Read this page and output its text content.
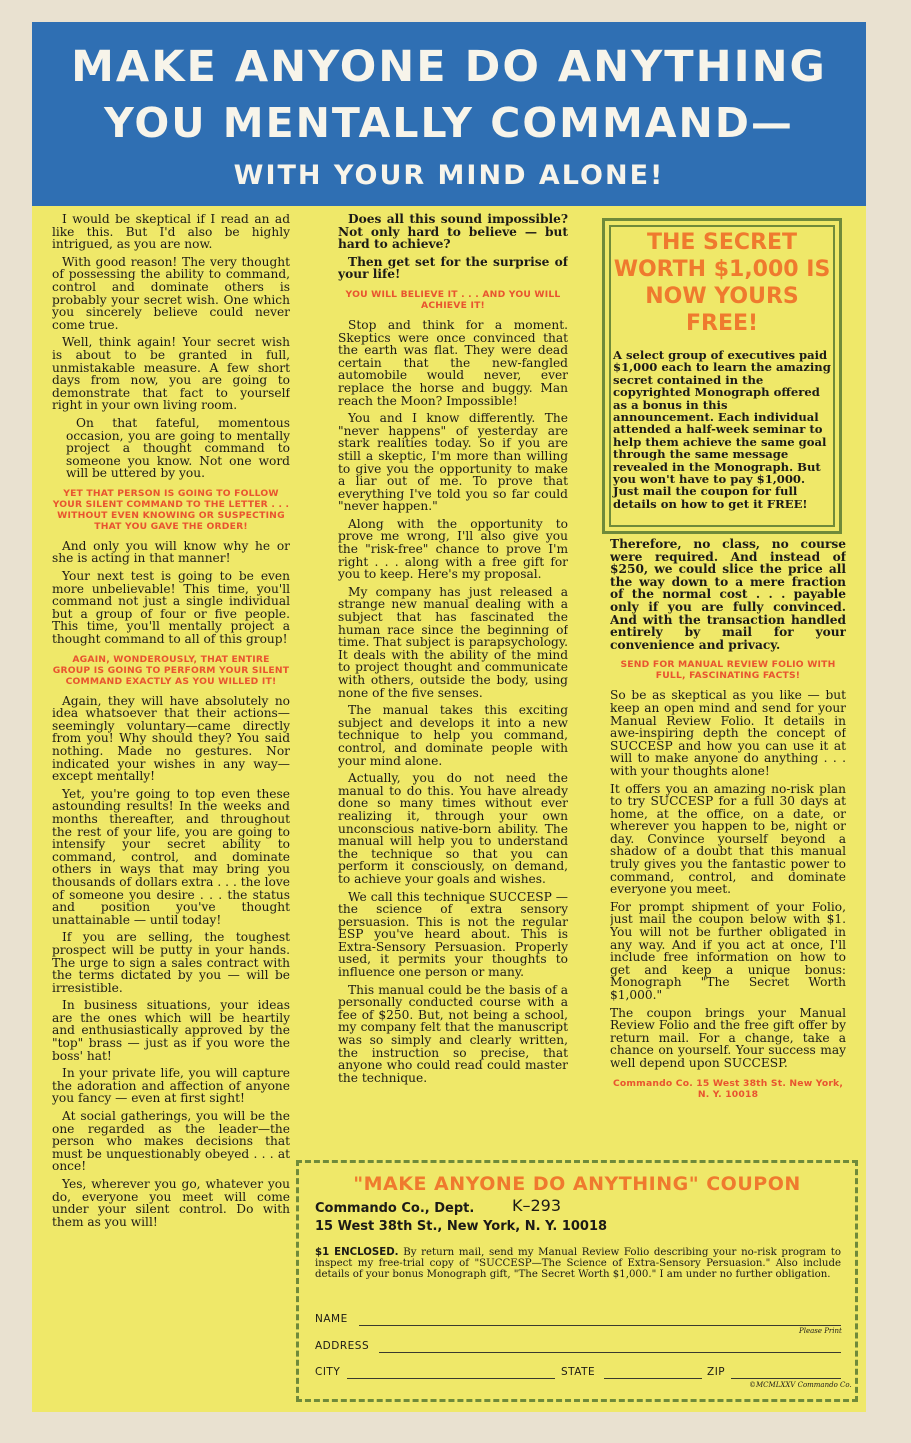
MAKE ANYONE DO ANYTHING
YOU MENTALLY COMMAND—
WITH YOUR MIND ALONE!

I would be skeptical if I read an ad like this. But I'd also be highly intrigued, as you are now.

With good reason! The very thought of possessing the ability to command, control and dominate others is probably your secret wish. One which you sincerely believe could never come true.

Well, think again! Your secret wish is about to be granted in full, unmistakable measure. A few short days from now, you are going to demonstrate that fact to yourself right in your own living room.

On that fateful, momentous occasion, you are going to mentally project a thought command to someone you know. Not one word will be uttered by you.

YET THAT PERSON IS GOING TO FOLLOW YOUR SILENT COMMAND TO THE LETTER . . . WITHOUT EVEN KNOWING OR SUSPECTING THAT YOU GAVE THE ORDER!

And only you will know why he or she is acting in that manner!

Your next test is going to be even more unbelievable! This time, you'll command not just a single individual but a group of four or five people. This time, you'll mentally project a thought command to all of this group!

AGAIN, WONDEROUSLY, THAT ENTIRE GROUP IS GOING TO PERFORM YOUR SILENT COMMAND EXACTLY AS YOU WILLED IT!

Again, they will have absolutely no idea whatsoever that their actions—seemingly voluntary—came directly from you! Why should they? You said nothing. Made no gestures. Nor indicated your wishes in any way—except mentally!

Yet, you're going to top even these astounding results! In the weeks and months thereafter, and throughout the rest of your life, you are going to intensify your secret ability to command, control, and dominate others in ways that may bring you thousands of dollars extra . . . the love of someone you desire . . . the status and position you've thought unattainable — until today!

If you are selling, the toughest prospect will be putty in your hands. The urge to sign a sales contract with the terms dictated by you — will be irresistible.

In business situations, your ideas are the ones which will be heartily and enthusiastically approved by the "top" brass — just as if you wore the boss' hat!

In your private life, you will capture the adoration and affection of anyone you fancy — even at first sight!

At social gatherings, you will be the one regarded as the leader—the person who makes decisions that must be unquestionably obeyed . . . at once!

Yes, wherever you go, whatever you do, everyone you meet will come under your silent control. Do with them as you will!

Does all this sound impossible? Not only hard to believe — but hard to achieve?

Then get set for the surprise of your life!

YOU WILL BELIEVE IT . . . AND YOU WILL ACHIEVE IT!

Stop and think for a moment. Skeptics were once convinced that the earth was flat. They were dead certain that the new-fangled automobile would never, ever replace the horse and buggy. Man reach the Moon? Impossible!

You and I know differently. The "never happens" of yesterday are stark realities today. So if you are still a skeptic, I'm more than willing to give you the opportunity to make a liar out of me. To prove that everything I've told you so far could "never happen."

Along with the opportunity to prove me wrong, I'll also give you the "risk-free" chance to prove I'm right . . . along with a free gift for you to keep. Here's my proposal.

My company has just released a strange new manual dealing with a subject that has fascinated the human race since the beginning of time. That subject is parapsychology. It deals with the ability of the mind to project thought and communicate with others, outside the body, using none of the five senses.

The manual takes this exciting subject and develops it into a new technique to help you command, control, and dominate people with your mind alone.

Actually, you do not need the manual to do this. You have already done so many times without ever realizing it, through your own unconscious native-born ability. The manual will help you to understand the technique so that you can perform it consciously, on demand, to achieve your goals and wishes.

We call this technique SUCCESP — the science of extra sensory persuasion. This is not the regular ESP you've heard about. This is Extra-Sensory Persuasion. Properly used, it permits your thoughts to influence one person or many.

This manual could be the basis of a personally conducted course with a fee of $250. But, not being a school, my company felt that the manuscript was so simply and clearly written, the instruction so precise, that anyone who could read could master the technique.

THE SECRET WORTH $1,000 IS NOW YOURS FREE!
A select group of executives paid $1,000 each to learn the amazing secret contained in the copyrighted Monograph offered as a bonus in this announcement. Each individual attended a half-week seminar to help them achieve the same goal through the same message revealed in the Monograph. But you won't have to pay $1,000. Just mail the coupon for full details on how to get it FREE!

Therefore, no class, no course were required. And instead of $250, we could slice the price all the way down to a mere fraction of the normal cost . . . payable only if you are fully convinced. And with the transaction handled entirely by mail for your convenience and privacy.

SEND FOR MANUAL REVIEW FOLIO WITH FULL, FASCINATING FACTS!

So be as skeptical as you like — but keep an open mind and send for your Manual Review Folio. It details in awe-inspiring depth the concept of SUCCESP and how you can use it at will to make anyone do anything . . . with your thoughts alone!

It offers you an amazing no-risk plan to try SUCCESP for a full 30 days at home, at the office, on a date, or wherever you happen to be, night or day. Convince yourself beyond a shadow of a doubt that this manual truly gives you the fantastic power to command, control, and dominate everyone you meet.

For prompt shipment of your Folio, just mail the coupon below with $1. You will not be further obligated in any way. And if you act at once, I'll include free information on how to get and keep a unique bonus: Monograph "The Secret Worth $1,000."

The coupon brings your Manual Review Folio and the free gift offer by return mail. For a change, take a chance on yourself. Your success may well depend upon SUCCESP.

Commando Co. 15 West 38th St. New York, N. Y. 10018

"MAKE ANYONE DO ANYTHING" COUPON
Commando Co., Dept. K–293
15 West 38th St., New York, N. Y. 10018
$1 ENCLOSED. By return mail, send my Manual Review Folio describing your no-risk program to inspect my free-trial copy of "SUCCESP—The Science of Extra-Sensory Persuasion." Also include details of your bonus Monograph gift, "The Secret Worth $1,000." I am under no further obligation.
NAME
Please Print
ADDRESS
CITY	STATE	ZIP
©MCMLXXV Commando Co.
